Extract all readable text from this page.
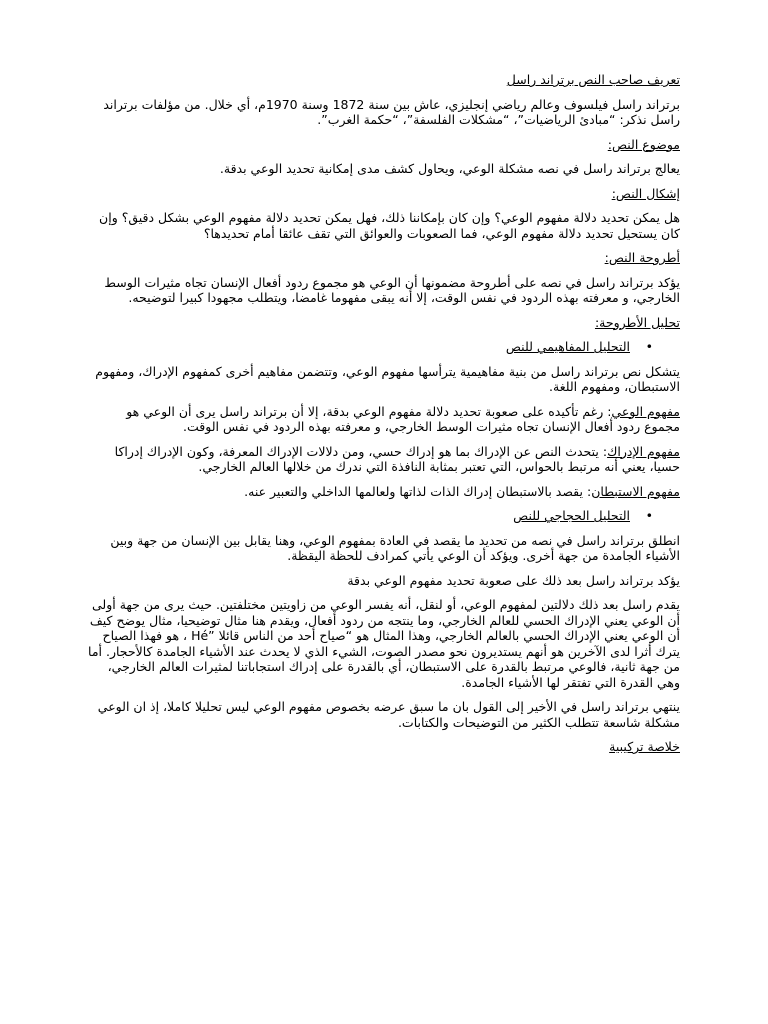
تعريف صاحب النص برتراند راسل

برتراند راسل فيلسوف وعالم رياضي إنجليزي، عاش بين سنة 1872 وسنة 1970م، أي خلال. من مؤلفات برتراند راسل نذكر: “مبادئ الرياضيات”، “مشكلات الفلسفة”، “حكمة الغرب”.

موضوع النص:

يعالج برتراند راسل في نصه مشكلة الوعي، ويحاول كشف مدى إمكانية تحديد الوعي بدقة.

إشكال النص:

هل يمكن تحديد دلالة مفهوم الوعي؟ وإن كان بإمكاننا ذلك، فهل يمكن تحديد دلالة مفهوم الوعي بشكل دقيق؟ وإن كان يستحيل تحديد دلالة مفهوم الوعي، فما الصعوبات والعوائق التي تقف عائقا أمام تحديدها؟

أطروحة النص:

يؤكد برتراند راسل في نصه على أطروحة مضمونها أن الوعي هو مجموع ردود أفعال الإنسان تجاه مثيرات الوسط الخارجي، و معرفته بهذه الردود في نفس الوقت، إلا أنه يبقى مفهوما غامضا، ويتطلب مجهودا كبيرا لتوضيحه.

تحليل الأطروحة:

•
التحليل المفاهيمي للنص

يتشكل نص برتراند راسل من بنية مفاهيمية يترأسها مفهوم الوعي، وتتضمن مفاهيم أخرى كمفهوم الإدراك، ومفهوم الاستبطان، ومفهوم اللغة.

مفهوم الوعي: رغم تأكيده على صعوبة تحديد دلالة مفهوم الوعي بدقة، إلا أن برتراند راسل يرى أن الوعي هو مجموع ردود أفعال الإنسان تجاه مثيرات الوسط الخارجي، و معرفته بهذه الردود في نفس الوقت.

مفهوم الإدراك: يتحدث النص عن الإدراك بما هو إدراك حسي، ومن دلالات الإدراك المعرفة، وكون الإدراك إدراكا حسيا، يعني أنه مرتبط بالحواس، التي تعتبر بمثابة النافذة التي ندرك من خلالها العالم الخارجي.

مفهوم الاستبطان: يقصد بالاستبطان إدراك الذات لذاتها ولعالمها الداخلي والتعبير عنه.

•
التحليل الحجاجي للنص

انطلق برتراند راسل في نصه من تحديد ما يقصد في العادة بمفهوم الوعي، وهنا يقابل بين الإنسان من جهة وبين الأشياء الجامدة من جهة أخرى. ويؤكد أن الوعي يأتي كمرادف للحظة اليقظة.

يؤكد برتراند راسل بعد ذلك على صعوبة تحديد مفهوم الوعي بدقة

يقدم راسل بعد ذلك دلالتين لمفهوم الوعي، أو لنقل، أنه يفسر الوعي من زاويتين مختلفتين. حيث يرى من جهة أولى أن الوعي يعني الإدراك الحسي للعالم الخارجي، وما ينتجه من ردود أفعال، ويقدم هنا مثال توضيحيا، مثال يوضح كيف أن الوعي يعني الإدراك الحسي بالعالم الخارجي، وهذا المثال هو “صياح أحد من الناس قائلا ”Hé ، هو فهذا الصياح يترك أثرا لدى الآخرين هو أنهم يستديرون نحو مصدر الصوت، الشيء الذي لا يحدث عند الأشياء الجامدة كالأحجار. أما من جهة ثانية، فالوعي مرتبط بالقدرة على الاستبطان، أي بالقدرة على إدراك استجاباتنا لمثيرات العالم الخارجي، وهي القدرة التي تفتقر لها الأشياء الجامدة.

ينتهي برتراند راسل في الأخير إلى القول بان ما سبق عرضه بخصوص مفهوم الوعي ليس تحليلا كاملا، إذ ان الوعي مشكلة شاسعة تتطلب الكثير من التوضيحات والكتابات.

خلاصة تركيبية
